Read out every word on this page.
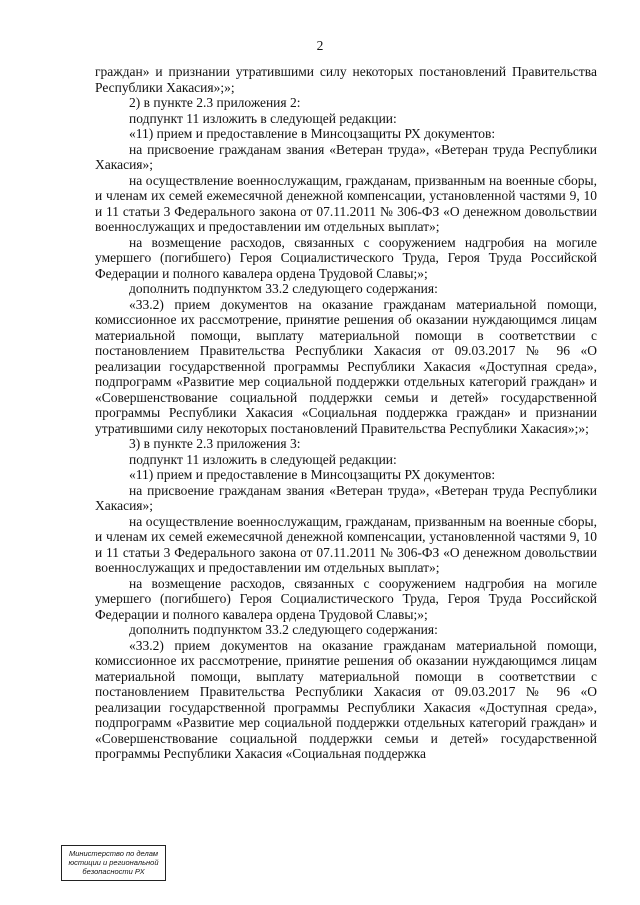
2

граждан» и признании утратившими силу некоторых постановлений Правительства Республики Хакасия»;»;

2) в пункте 2.3 приложения 2:

подпункт 11 изложить в следующей редакции:

«11) прием и предоставление в Минсоцзащиты РХ документов:

на присвоение гражданам звания «Ветеран труда», «Ветеран труда Республики Хакасия»;

на осуществление военнослужащим, гражданам, призванным на военные сборы, и членам их семей ежемесячной денежной компенсации, установленной частями 9, 10 и 11 статьи 3 Федерального закона от 07.11.2011 № 306-ФЗ «О денежном довольствии военнослужащих и предоставлении им отдельных выплат»;

на возмещение расходов, связанных с сооружением надгробия на могиле умершего (погибшего) Героя Социалистического Труда, Героя Труда Российской Федерации и полного кавалера ордена Трудовой Славы;»;

дополнить подпунктом 33.2 следующего содержания:

«33.2) прием документов на оказание гражданам материальной помощи, комиссионное их рассмотрение, принятие решения об оказании нуждающимся лицам материальной помощи, выплату материальной помощи в соответствии с постановлением Правительства Республики Хакасия от 09.03.2017 № 96 «О реализации государственной программы Республики Хакасия «Доступная среда», подпрограмм «Развитие мер социальной поддержки отдельных категорий граждан» и «Совершенствование социальной поддержки семьи и детей» государственной программы Республики Хакасия «Социальная поддержка граждан» и признании утратившими силу некоторых постановлений Правительства Республики Хакасия»;»;

3) в пункте 2.3 приложения 3:

подпункт 11 изложить в следующей редакции:

«11) прием и предоставление в Минсоцзащиты РХ документов:

на присвоение гражданам звания «Ветеран труда», «Ветеран труда Республики Хакасия»;

на осуществление военнослужащим, гражданам, призванным на военные сборы, и членам их семей ежемесячной денежной компенсации, установленной частями 9, 10 и 11 статьи 3 Федерального закона от 07.11.2011 № 306-ФЗ «О денежном довольствии военнослужащих и предоставлении им отдельных выплат»;

на возмещение расходов, связанных с сооружением надгробия на могиле умершего (погибшего) Героя Социалистического Труда, Героя Труда Российской Федерации и полного кавалера ордена Трудовой Славы;»;

дополнить подпунктом 33.2 следующего содержания:

«33.2) прием документов на оказание гражданам материальной помощи, комиссионное их рассмотрение, принятие решения об оказании нуждающимся лицам материальной помощи, выплату материальной помощи в соответствии с постановлением Правительства Республики Хакасия от 09.03.2017 № 96 «О реализации государственной программы Республики Хакасия «Доступная среда», подпрограмм «Развитие мер социальной поддержки отдельных категорий граждан» и «Совершенствование социальной поддержки семьи и детей» государственной программы Республики Хакасия «Социальная поддержка

Министерство по делам
юстиции и региональной
безопасности РХ
